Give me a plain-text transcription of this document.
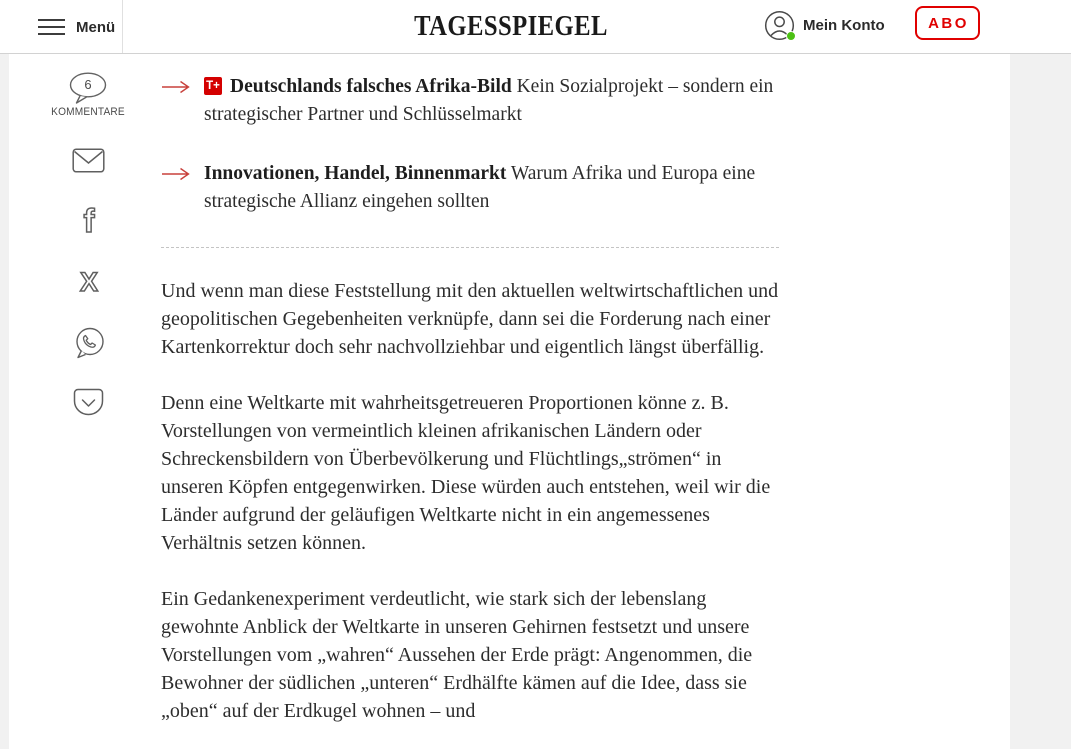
Menü	TAGESSPIEGEL	Mein Konto	ABO
6
KOMMENTARE
f
X
T+ Deutschlands falsches Afrika-Bild Kein Sozialprojekt – sondern ein strategischer Partner und Schlüsselmarkt
Innovationen, Handel, Binnenmarkt Warum Afrika und Europa eine strategische Allianz eingehen sollten

Und wenn man diese Feststellung mit den aktuellen weltwirtschaftlichen und geopolitischen Gegebenheiten verknüpfe, dann sei die Forderung nach einer Kartenkorrektur doch sehr nachvollziehbar und eigentlich längst überfällig.

Denn eine Weltkarte mit wahrheitsgetreueren Proportionen könne z. B. Vorstellungen von vermeintlich kleinen afrikanischen Ländern oder Schreckensbildern von Überbevölkerung und Flüchtlings„strömen“ in unseren Köpfen entgegenwirken. Diese würden auch entstehen, weil wir die Länder aufgrund der geläufigen Weltkarte nicht in ein angemessenes Verhältnis setzen können.

Ein Gedankenexperiment verdeutlicht, wie stark sich der lebenslang gewohnte Anblick der Weltkarte in unseren Gehirnen festsetzt und unsere Vorstellungen vom „wahren“ Aussehen der Erde prägt: Angenommen, die Bewohner der südlichen „unteren“ Erdhälfte kämen auf die Idee, dass sie „oben“ auf der Erdkugel wohnen – und
